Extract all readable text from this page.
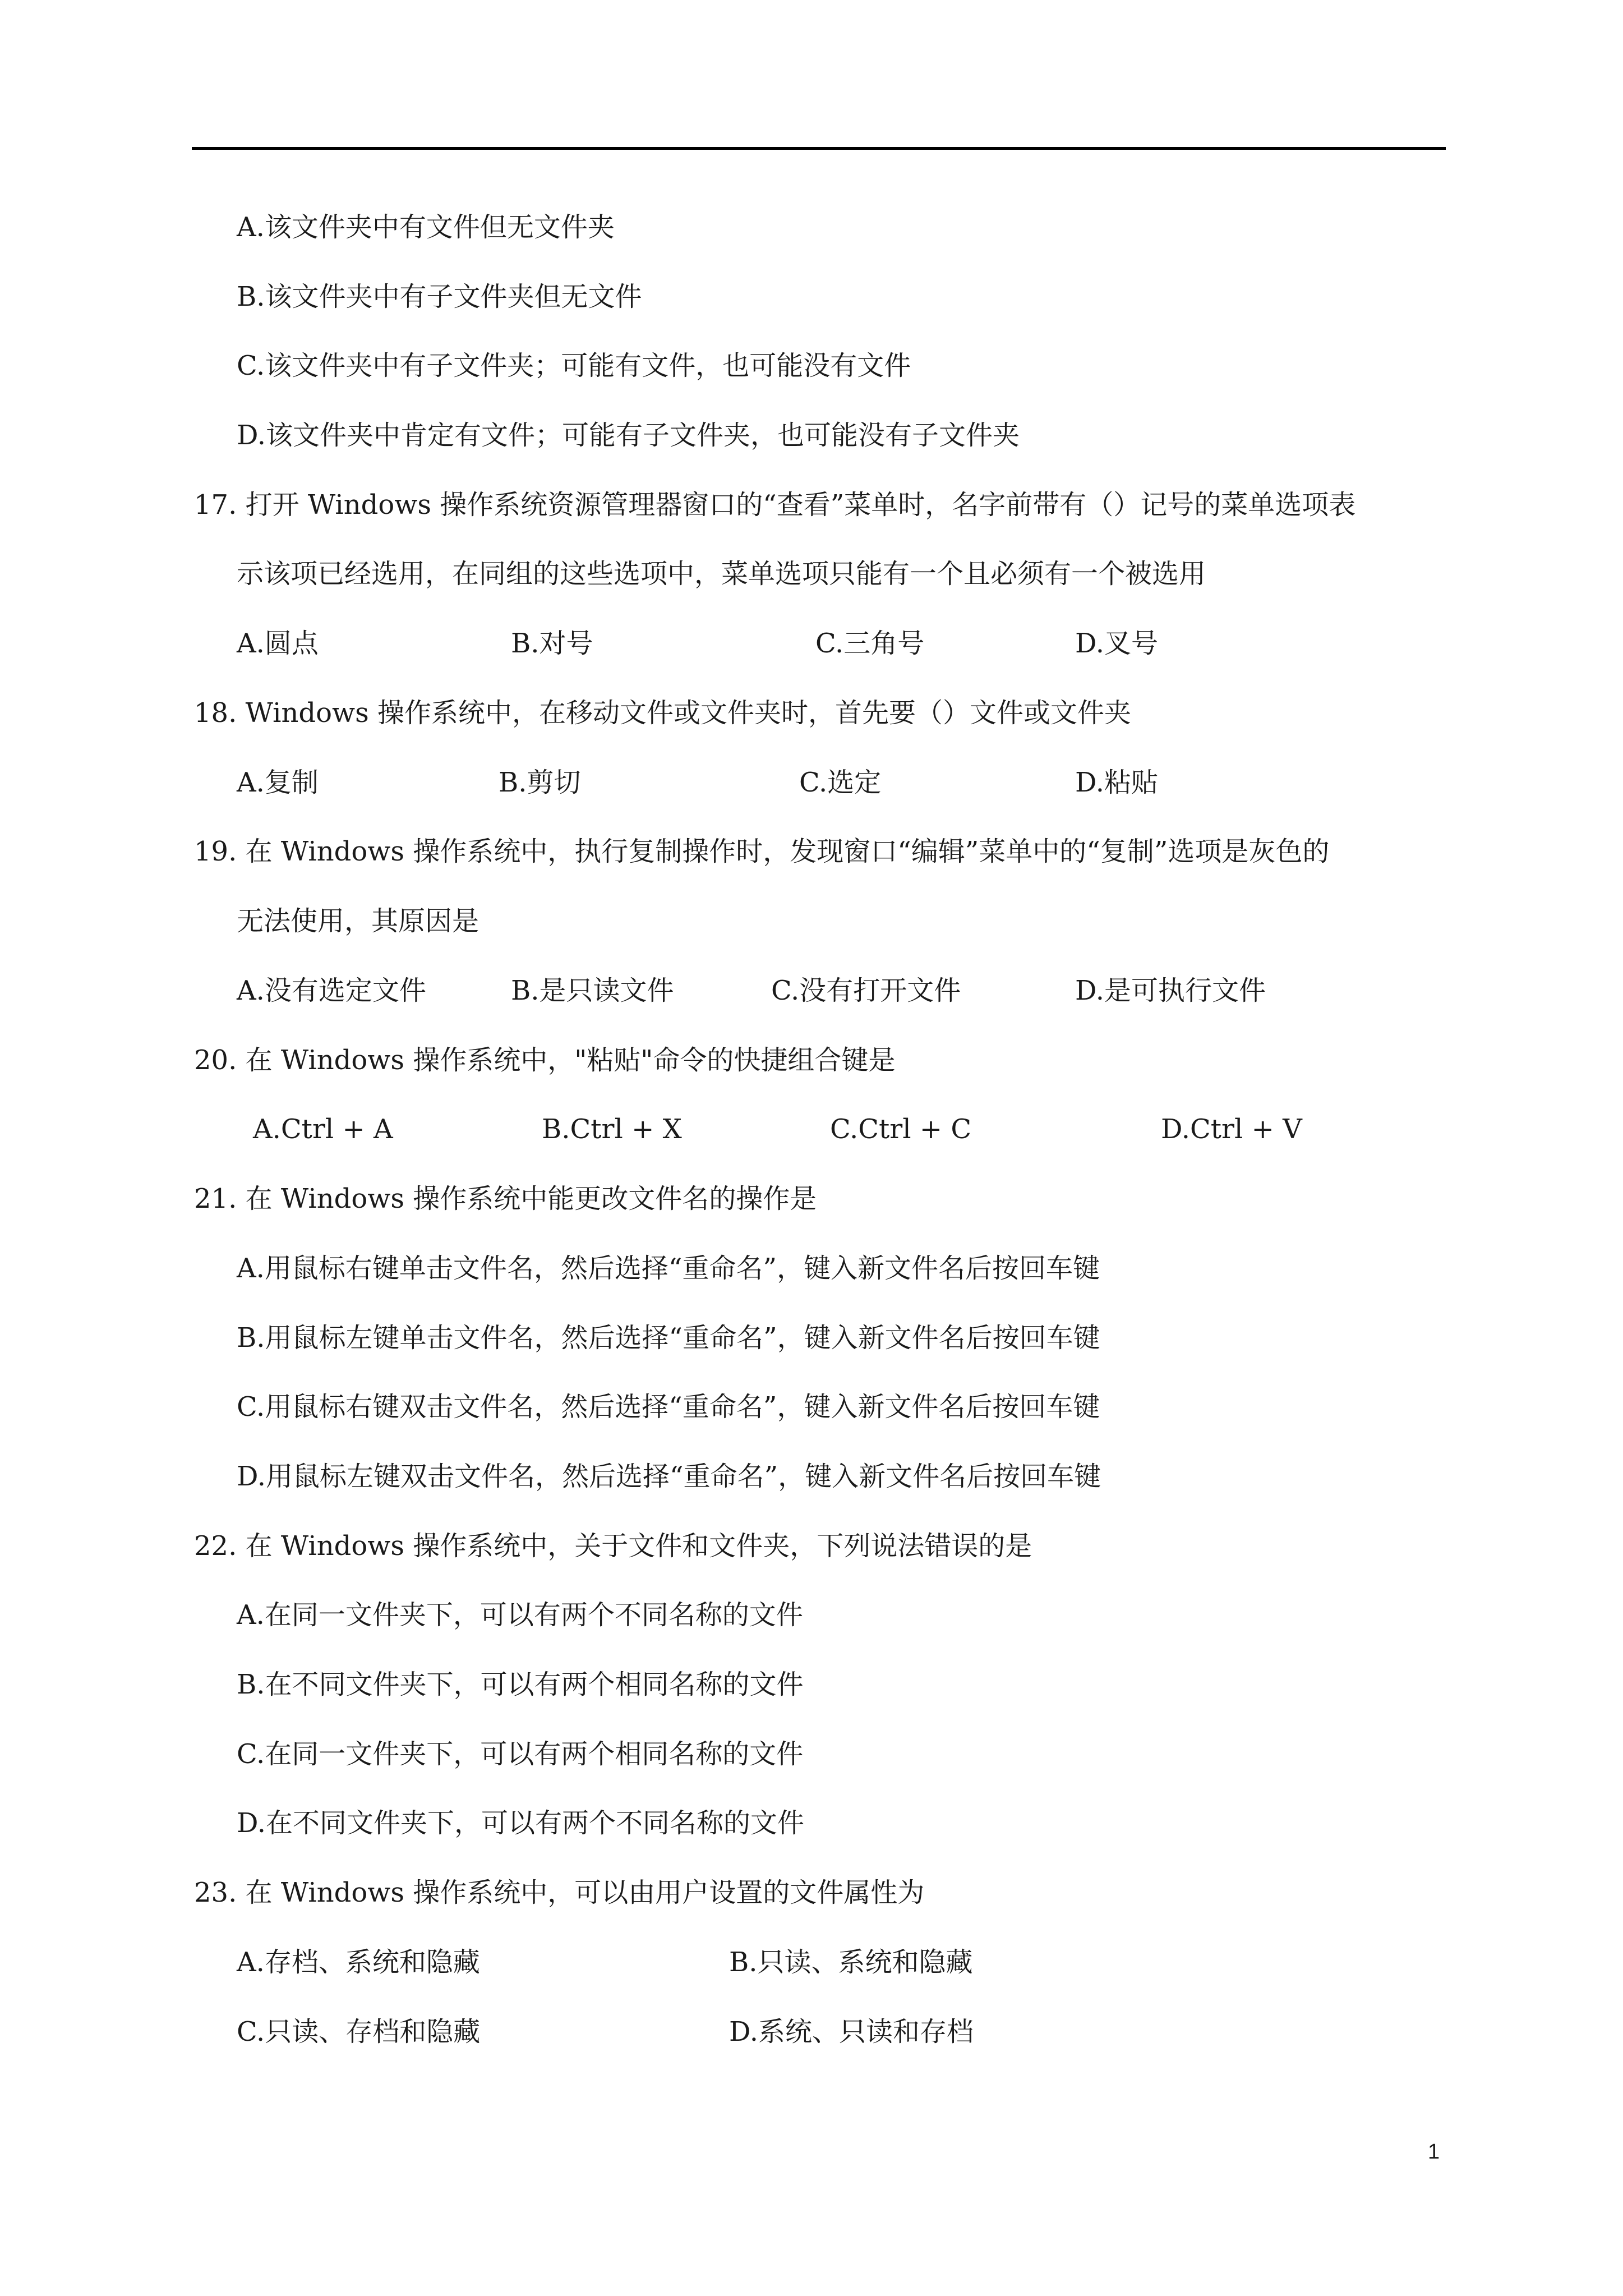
A.该文件夹中有文件但无文件夹
B.该文件夹中有子文件夹但无文件
C.该文件夹中有子文件夹；可能有文件，也可能没有文件
D.该文件夹中肯定有文件；可能有子文件夹，也可能没有子文件夹
17. 打开 Windows 操作系统资源管理器窗口的“查看”菜单时，名字前带有（）记号的菜单选项表
示该项已经选用，在同组的这些选项中，菜单选项只能有一个且必须有一个被选用
A.圆点	B.对号	C.三角号	D.叉号
18. Windows 操作系统中，在移动文件或文件夹时，首先要（）文件或文件夹
A.复制	B.剪切	C.选定	D.粘贴
19. 在 Windows 操作系统中，执行复制操作时，发现窗口“编辑”菜单中的“复制”选项是灰色的
无法使用，其原因是
A.没有选定文件	B.是只读文件	C.没有打开文件	D.是可执行文件
20. 在 Windows 操作系统中，"粘贴"命令的快捷组合键是
A.Ctrl + A	B.Ctrl + X	C.Ctrl + C	D.Ctrl + V
21. 在 Windows 操作系统中能更改文件名的操作是
A.用鼠标右键单击文件名，然后选择“重命名”，键入新文件名后按回车键
B.用鼠标左键单击文件名，然后选择“重命名”，键入新文件名后按回车键
C.用鼠标右键双击文件名，然后选择“重命名”，键入新文件名后按回车键
D.用鼠标左键双击文件名，然后选择“重命名”，键入新文件名后按回车键
22. 在 Windows 操作系统中，关于文件和文件夹，下列说法错误的是
A.在同一文件夹下，可以有两个不同名称的文件
B.在不同文件夹下，可以有两个相同名称的文件
C.在同一文件夹下，可以有两个相同名称的文件
D.在不同文件夹下，可以有两个不同名称的文件
23. 在 Windows 操作系统中，可以由用户设置的文件属性为
A.存档、系统和隐藏	B.只读、系统和隐藏
C.只读、存档和隐藏	D.系统、只读和存档
1
